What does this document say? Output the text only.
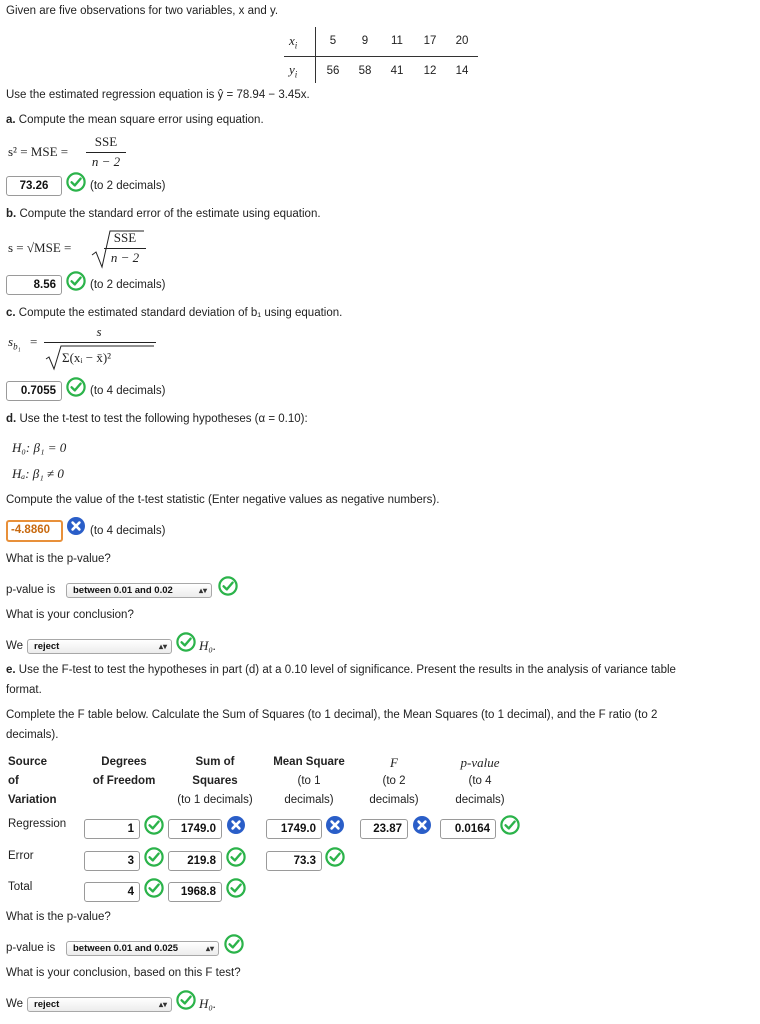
Given are five observations for two variables, x and y.
$x_i$
$y_i$
5	9	11	17	20
56	58	41	12	14
Use the estimated regression equation is ŷ = 78.94 − 3.45x.
a. Compute the mean square error using equation.
s² = MSE =
SSE
n − 2
73.26	(to 2 decimals)
b. Compute the standard error of the estimate using equation.
s = √MSE =
SSE
n − 2
8.56	(to 2 decimals)
c. Compute the estimated standard deviation of b₁ using equation.
$s_{b_1}$ =
s
Σ(xᵢ − x̄)²
0.7055	(to 4 decimals)
d. Use the t-test to test the following hypotheses (α = 0.10):
H₀: β₁ = 0
Hₐ: β₁ ≠ 0
Compute the value of the t-test statistic (Enter negative values as negative numbers).
-4.8860	(to 4 decimals)
What is the p-value?
p-value is	between 0.01 and 0.02	▴▾
What is your conclusion?
We	reject	▴▾ H₀.
e. Use the F-test to test the hypotheses in part (d) at a 0.10 level of significance. Present the results in the analysis of variance table
format.
Complete the F table below. Calculate the Sum of Squares (to 1 decimal), the Mean Squares (to 1 decimal), and the F ratio (to 2
decimals).
Source
of
Variation
Degrees
of Freedom
Sum of
Squares
(to 1 decimals)
Mean Square
(to 1
decimals)
F
(to 2
decimals)
p-value
(to 4
decimals)
Regression	1	1749.0	1749.0	23.87	0.0164
Error	3	219.8	73.3
Total	4	1968.8
What is the p-value?
p-value is	between 0.01 and 0.025	▴▾
What is your conclusion, based on this F test?
We	reject	▴▾ H₀.
